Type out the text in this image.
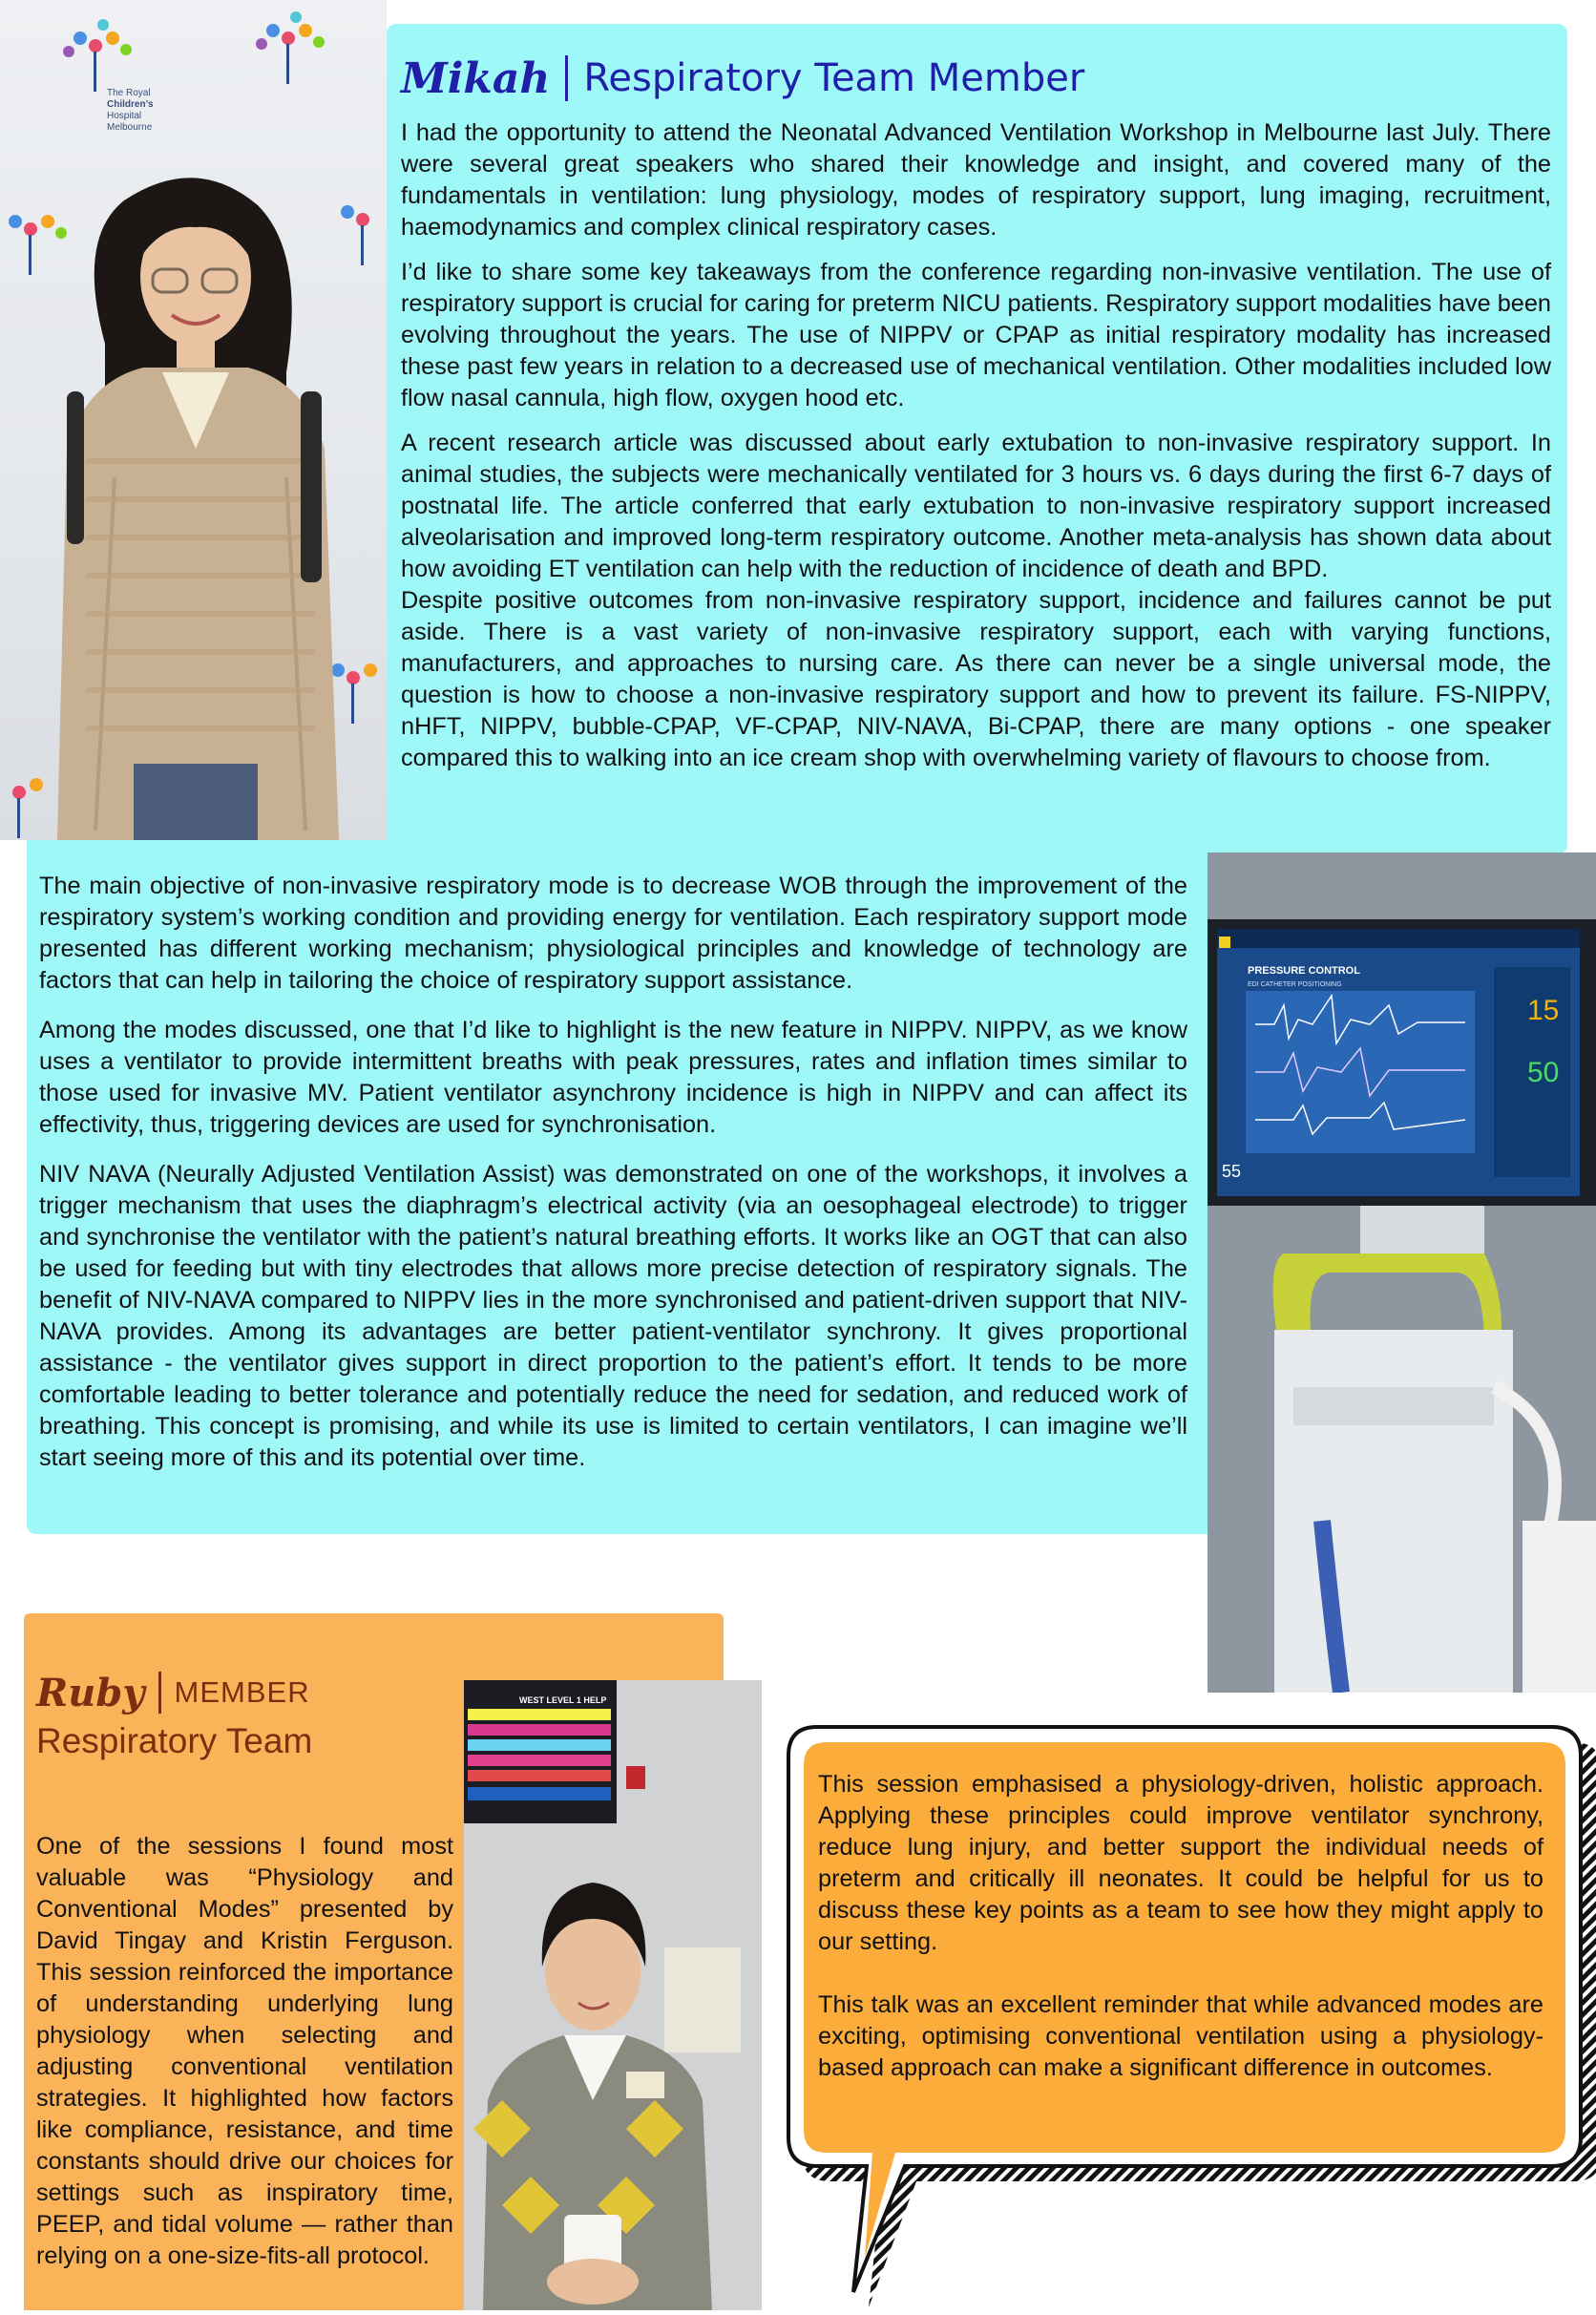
The Royal
Children’s
Hospital
Melbourne
Mikah Respiratory Team Member

I had the opportunity to attend the Neonatal Advanced Ventilation Workshop in Melbourne last July. There were several great speakers who shared their knowledge and insight, and covered many of the fundamentals in ventilation: lung physiology, modes of respiratory support, lung imaging, recruitment, haemodynamics and complex clinical respiratory cases.

I’d like to share some key takeaways from the conference regarding non-invasive ventilation. The use of respiratory support is crucial for caring for preterm NICU patients. Respiratory support modalities have been evolving throughout the years. The use of NIPPV or CPAP as initial respiratory modality has increased these past few years in relation to a decreased use of mechanical ventilation. Other modalities included low flow nasal cannula, high flow, oxygen hood etc.

A recent research article was discussed about early extubation to non-invasive respiratory support. In animal studies, the subjects were mechanically ventilated for 3 hours vs. 6 days during the first 6-7 days of postnatal life. The article conferred that early extubation to non-invasive respiratory support increased alveolarisation and improved long-term respiratory outcome. Another meta-analysis has shown data about how avoiding ET ventilation can help with the reduction of incidence of death and BPD.

Despite positive outcomes from non-invasive respiratory support, incidence and failures cannot be put aside. There is a vast variety of non-invasive respiratory support, each with varying functions, manufacturers, and approaches to nursing care. As there can never be a single universal mode, the question is how to choose a non-invasive respiratory support and how to prevent its failure. FS-NIPPV, nHFT, NIPPV, bubble-CPAP, VF-CPAP, NIV-NAVA, Bi-CPAP, there are many options - one speaker compared this to walking into an ice cream shop with overwhelming variety of flavours to choose from.

The main objective of non-invasive respiratory mode is to decrease WOB through the improvement of the respiratory system’s working condition and providing energy for ventilation. Each respiratory support mode presented has different working mechanism; physiological principles and knowledge of technology are factors that can help in tailoring the choice of respiratory support assistance.

Among the modes discussed, one that I’d like to highlight is the new feature in NIPPV. NIPPV, as we know uses a ventilator to provide intermittent breaths with peak pressures, rates and inflation times similar to those used for invasive MV. Patient ventilator asynchrony incidence is high in NIPPV and can affect its effectivity, thus, triggering devices are used for synchronisation.

NIV NAVA (Neurally Adjusted Ventilation Assist) was demonstrated on one of the workshops, it involves a trigger mechanism that uses the diaphragm’s electrical activity (via an oesophageal electrode) to trigger and synchronise the ventilator with the patient’s natural breathing efforts. It works like an OGT that can also be used for feeding but with tiny electrodes that allows more precise detection of respiratory signals. The benefit of NIV-NAVA compared to NIPPV lies in the more synchronised and patient-driven support that NIV-NAVA provides. Among its advantages are better patient-ventilator synchrony. It gives proportional assistance - the ventilator gives support in direct proportion to the patient’s effort. It tends to be more comfortable leading to better tolerance and potentially reduce the need for sedation, and reduced work of breathing. This concept is promising, and while its use is limited to certain ventilators, I can imagine we’ll start seeing more of this and its potential over time.

PRESSURE CONTROL
EDI CATHETER POSITIONING
15
50
55
Ruby MEMBER
Respiratory Team

One of the sessions I found most valuable was “Physiology and Conventional Modes” presented by David Tingay and Kristin Ferguson. This session reinforced the importance of understanding underlying lung physiology when selecting and adjusting conventional ventilation strategies. It highlighted how factors like compliance, resistance, and time constants should drive our choices for settings such as inspiratory time, PEEP, and tidal volume — rather than relying on a one-size-fits-all protocol.

WEST LEVEL 1 HELP

This session emphasised a physiology-driven, holistic approach. Applying these principles could improve ventilator synchrony, reduce lung injury, and better support the individual needs of preterm and critically ill neonates. It could be helpful for us to discuss these key points as a team to see how they might apply to our setting.

This talk was an excellent reminder that while advanced modes are exciting, optimising conventional ventilation using a physiology-based approach can make a significant difference in outcomes.
